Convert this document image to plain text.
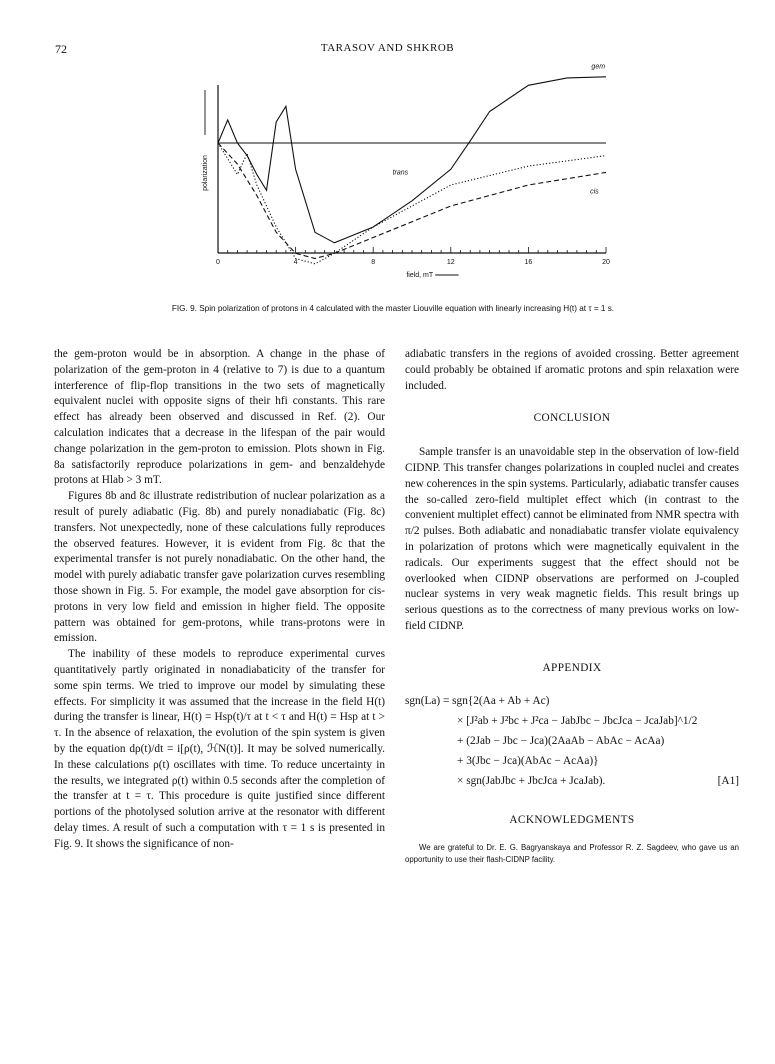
72	TARASOV AND SHKROB
0	4	8	12	16	20
field, mT
polarization
gem
trans
cis
FIG. 9. Spin polarization of protons in 4 calculated with the master Liouville equation with linearly increasing H(t) at τ = 1 s.

the gem-proton would be in absorption. A change in the phase of polarization of the gem-proton in 4 (relative to 7) is due to a quantum interference of flip-flop transitions in the two sets of magnetically equivalent nuclei with opposite signs of their hfi constants. This rare effect has already been observed and discussed in Ref. (2). Our calculation indicates that a decrease in the lifespan of the pair would change polarization in the gem-proton to emission. Plots shown in Fig. 8a satisfactorily reproduce polarizations in gem- and benzaldehyde protons at Hlab > 3 mT.

Figures 8b and 8c illustrate redistribution of nuclear polarization as a result of purely adiabatic (Fig. 8b) and purely nonadiabatic (Fig. 8c) transfers. Not unexpectedly, none of these calculations fully reproduces the observed features. However, it is evident from Fig. 8c that the experimental transfer is not purely nonadiabatic. On the other hand, the model with purely adiabatic transfer gave polarization curves resembling those shown in Fig. 5. For example, the model gave absorption for cis-protons in very low field and emission in higher field. The opposite pattern was obtained for gem-protons, while trans-protons were in emission.

The inability of these models to reproduce experimental curves quantitatively partly originated in nonadiabaticity of the transfer for some spin terms. We tried to improve our model by simulating these effects. For simplicity it was assumed that the increase in the field H(t) during the transfer is linear, H(t) = Hsp(t)/τ at t < τ and H(t) = Hsp at t > τ. In the absence of relaxation, the evolution of the spin system is given by the equation dρ(t)/dt = i[ρ(t), ℋN(t)]. It may be solved numerically. In these calculations ρ(t) oscillates with time. To reduce uncertainty in the results, we integrated ρ(t) within 0.5 seconds after the completion of the transfer at t = τ. This procedure is quite justified since different portions of the photolysed solution arrive at the resonator with different delay times. A result of such a computation with τ = 1 s is presented in Fig. 9. It shows the significance of non-

adiabatic transfers in the regions of avoided crossing. Better agreement could probably be obtained if aromatic protons and spin relaxation were included.

CONCLUSION

Sample transfer is an unavoidable step in the observation of low-field CIDNP. This transfer changes polarizations in coupled nuclei and creates new coherences in the spin systems. Particularly, adiabatic transfer causes the so-called zero-field multiplet effect which (in contrast to the convenient multiplet effect) cannot be eliminated from NMR spectra with π/2 pulses. Both adiabatic and nonadiabatic transfer violate equivalency in polarization of protons which were magnetically equivalent in the radicals. Our experiments suggest that the effect should not be overlooked when CIDNP observations are performed on J-coupled nuclear systems in very weak magnetic fields. This result brings up serious questions as to the correctness of many previous works on low-field CIDNP.

APPENDIX
sgn(La) = sgn{2(Aa + Ab + Ac)
× [J²ab + J²bc + J²ca − JabJbc − JbcJca − JcaJab]^1/2
+ (2Jab − Jbc − Jca)(2AaAb − AbAc − AcAa)
+ 3(Jbc − Jca)(AbAc − AcAa)}
× sgn(JabJbc + JbcJca + JcaJab).	[A1]
ACKNOWLEDGMENTS

We are grateful to Dr. E. G. Bagryanskaya and Professor R. Z. Sagdeev, who gave us an opportunity to use their flash-CIDNP facility.
